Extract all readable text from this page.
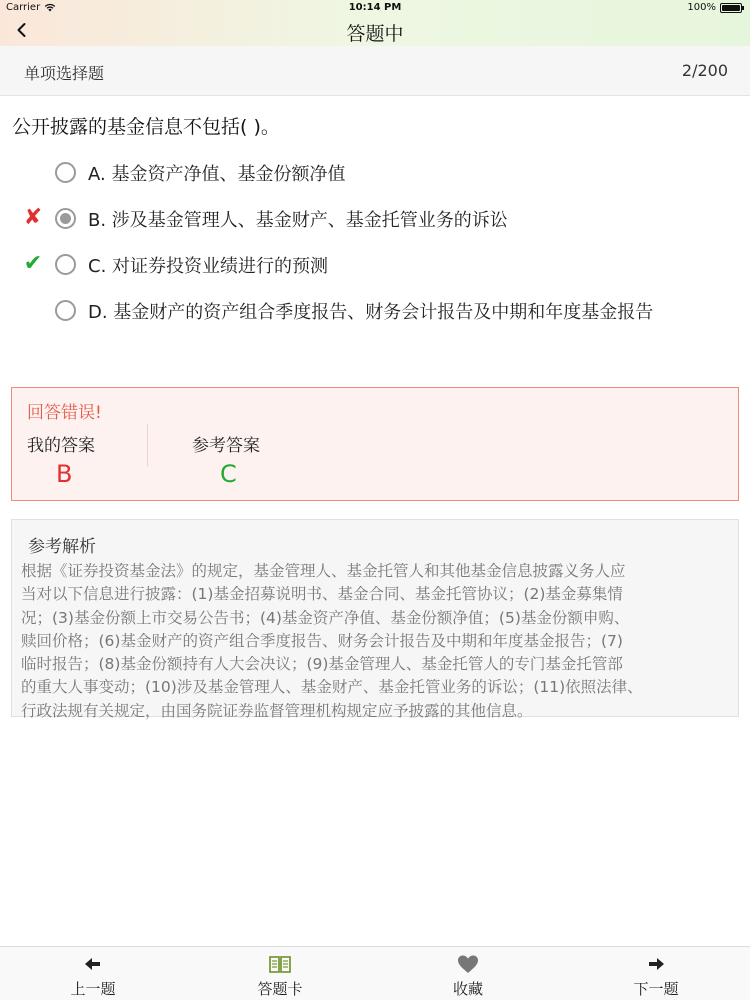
Carrier	10:14 PM	100%
答题中
单项选择题	2/200
公开披露的基金信息不包括( )。
A. 基金资产净值、基金份额净值
✘	B. 涉及基金管理人、基金财产、基金托管业务的诉讼
✔	C. 对证券投资业绩进行的预测
D. 基金财产的资产组合季度报告、财务会计报告及中期和年度基金报告
回答错误!
我的答案	参考答案
B	C
参考解析
根据《证券投资基金法》的规定，基金管理人、基金托管人和其他基金信息披露义务人应
当对以下信息进行披露：(1)基金招募说明书、基金合同、基金托管协议；(2)基金募集情
况；(3)基金份额上市交易公告书；(4)基金资产净值、基金份额净值；(5)基金份额申购、
赎回价格；(6)基金财产的资产组合季度报告、财务会计报告及中期和年度基金报告；(7)
临时报告；(8)基金份额持有人大会决议；(9)基金管理人、基金托管人的专门基金托管部
的重大人事变动；(10)涉及基金管理人、基金财产、基金托管业务的诉讼；(11)依照法律、
行政法规有关规定，由国务院证券监督管理机构规定应予披露的其他信息。
上一题	答题卡	收藏	下一题
